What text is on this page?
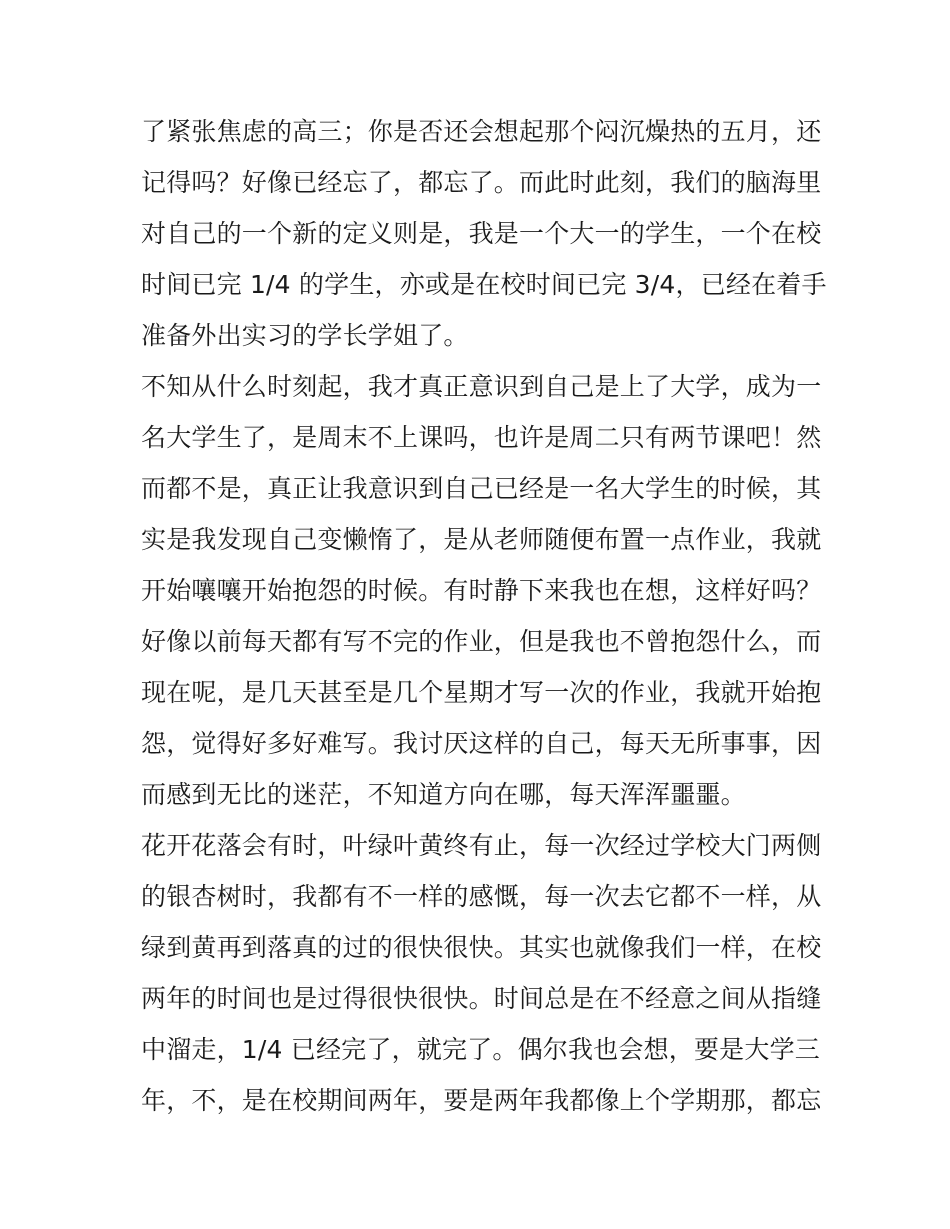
了紧张焦虑的高三；你是否还会想起那个闷沉燥热的五月，还
记得吗？好像已经忘了，都忘了。而此时此刻，我们的脑海里
对自己的一个新的定义则是，我是一个大一的学生，一个在校
时间已完 1/4 的学生，亦或是在校时间已完 3/4，已经在着手
准备外出实习的学长学姐了。
不知从什么时刻起，我才真正意识到自己是上了大学，成为一
名大学生了，是周末不上课吗，也许是周二只有两节课吧！然
而都不是，真正让我意识到自己已经是一名大学生的时候，其
实是我发现自己变懒惰了，是从老师随便布置一点作业，我就
开始嚷嚷开始抱怨的时候。有时静下来我也在想，这样好吗？
好像以前每天都有写不完的作业，但是我也不曾抱怨什么，而
现在呢，是几天甚至是几个星期才写一次的作业，我就开始抱
怨，觉得好多好难写。我讨厌这样的自己，每天无所事事，因
而感到无比的迷茫，不知道方向在哪，每天浑浑噩噩。
花开花落会有时，叶绿叶黄终有止，每一次经过学校大门两侧
的银杏树时，我都有不一样的感慨，每一次去它都不一样，从
绿到黄再到落真的过的很快很快。其实也就像我们一样，在校
两年的时间也是过得很快很快。时间总是在不经意之间从指缝
中溜走，1/4 已经完了，就完了。偶尔我也会想，要是大学三
年，不，是在校期间两年，要是两年我都像上个学期那，都忘
